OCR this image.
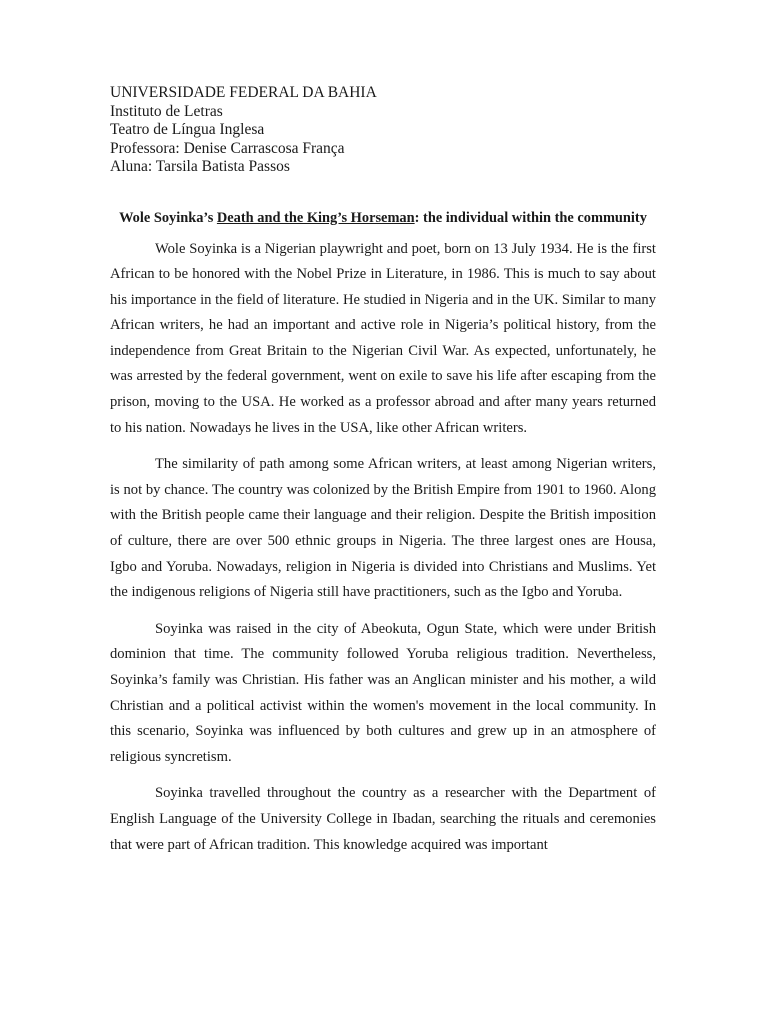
UNIVERSIDADE FEDERAL DA BAHIA
Instituto de Letras
Teatro de Língua Inglesa
Professora: Denise Carrascosa França
Aluna: Tarsila Batista Passos
Wole Soyinka’s Death and the King’s Horseman: the individual within the community

Wole Soyinka is a Nigerian playwright and poet, born on 13 July 1934. He is the first African to be honored with the Nobel Prize in Literature, in 1986. This is much to say about his importance in the field of literature. He studied in Nigeria and in the UK. Similar to many African writers, he had an important and active role in Nigeria’s political history, from the independence from Great Britain to the Nigerian Civil War. As expected, unfortunately, he was arrested by the federal government, went on exile to save his life after escaping from the prison, moving to the USA. He worked as a professor abroad and after many years returned to his nation. Nowadays he lives in the USA, like other African writers.

The similarity of path among some African writers, at least among Nigerian writers, is not by chance. The country was colonized by the British Empire from 1901 to 1960. Along with the British people came their language and their religion. Despite the British imposition of culture, there are over 500 ethnic groups in Nigeria. The three largest ones are Housa, Igbo and Yoruba. Nowadays, religion in Nigeria is divided into Christians and Muslims. Yet the indigenous religions of Nigeria still have practitioners, such as the Igbo and Yoruba.

Soyinka was raised in the city of Abeokuta, Ogun State, which were under British dominion that time. The community followed Yoruba religious tradition. Nevertheless, Soyinka’s family was Christian. His father was an Anglican minister and his mother, a wild Christian and a political activist within the women's movement in the local community. In this scenario, Soyinka was influenced by both cultures and grew up in an atmosphere of religious syncretism.

Soyinka travelled throughout the country as a researcher with the Department of English Language of the University College in Ibadan, searching the rituals and ceremonies that were part of African tradition. This knowledge acquired was important
